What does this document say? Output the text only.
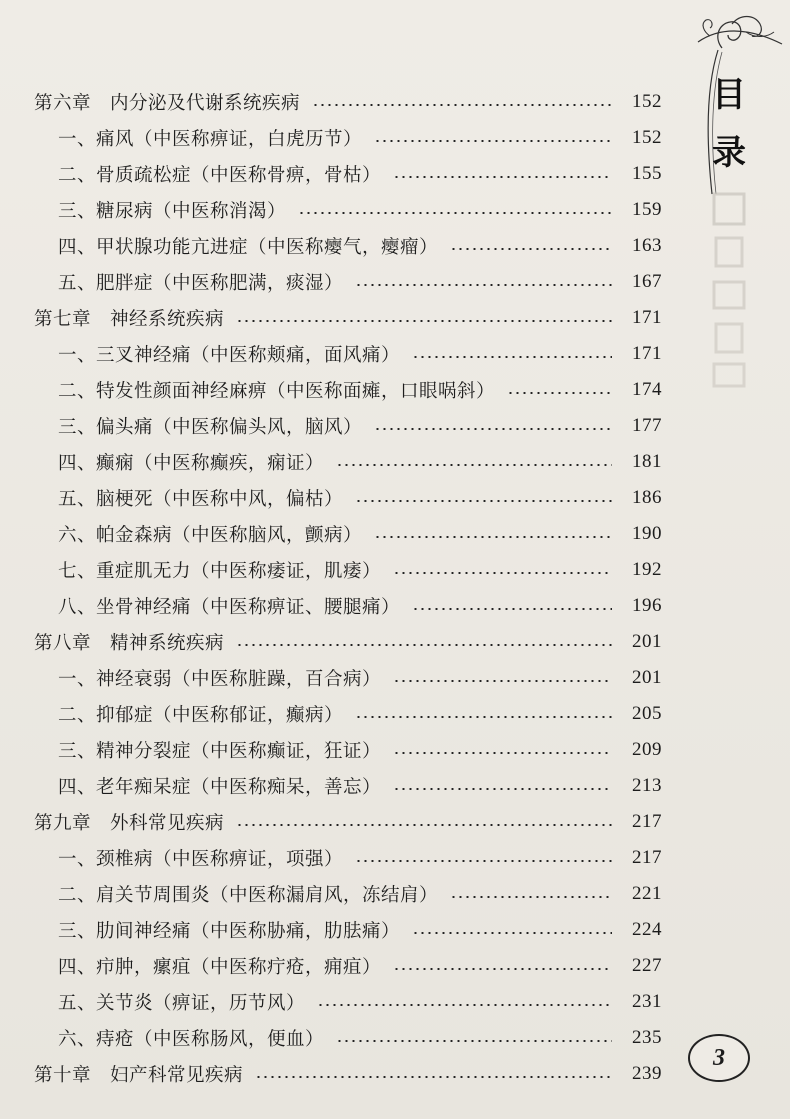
第六章　内分泌及代谢系统疾病	152
一、痛风（中医称痹证，白虎历节）	152
二、骨质疏松症（中医称骨痹，骨枯）	155
三、糖尿病（中医称消渴）	159
四、甲状腺功能亢进症（中医称瘿气，瘿瘤）	163
五、肥胖症（中医称肥满，痰湿）	167
第七章　神经系统疾病	171
一、三叉神经痛（中医称颊痛，面风痛）	171
二、特发性颜面神经麻痹（中医称面瘫，口眼㖞斜）	174
三、偏头痛（中医称偏头风，脑风）	177
四、癫痫（中医称癫疾，痫证）	181
五、脑梗死（中医称中风，偏枯）	186
六、帕金森病（中医称脑风，颤病）	190
七、重症肌无力（中医称痿证，肌痿）	192
八、坐骨神经痛（中医称痹证、腰腿痛）	196
第八章　精神系统疾病	201
一、神经衰弱（中医称脏躁，百合病）	201
二、抑郁症（中医称郁证，癫病）	205
三、精神分裂症（中医称癫证，狂证）	209
四、老年痴呆症（中医称痴呆，善忘）	213
第九章　外科常见疾病	217
一、颈椎病（中医称痹证，项强）	217
二、肩关节周围炎（中医称漏肩风，冻结肩）	221
三、肋间神经痛（中医称胁痛，肋胠痛）	224
四、疖肿，瘰疽（中医称疔疮，痈疽）	227
五、关节炎（痹证，历节风）	231
六、痔疮（中医称肠风，便血）	235
第十章　妇产科常见疾病	239
目录
3
